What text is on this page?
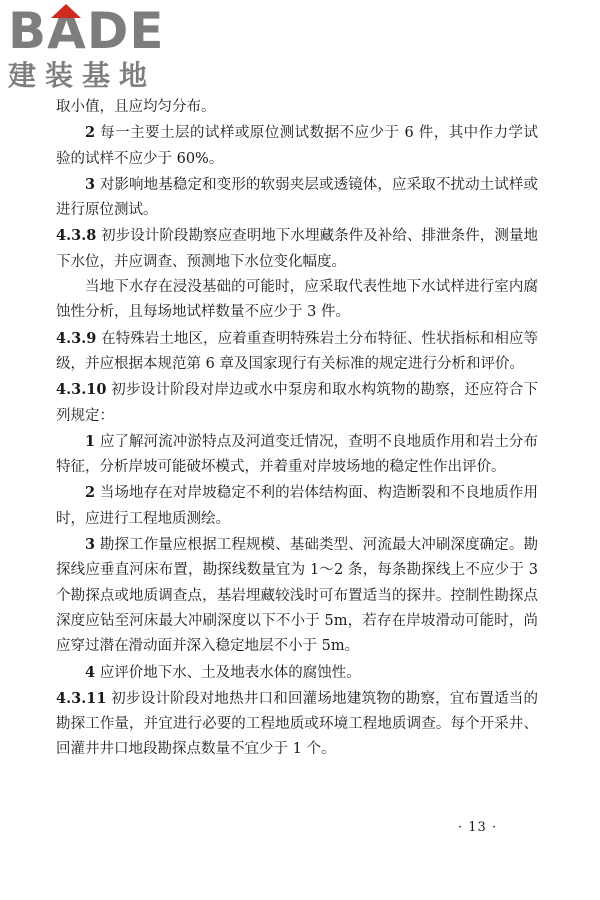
BA
DE
建装基地

取小值，且应均匀分布。

2 每一主要土层的试样或原位测试数据不应少于 6 件，其中作力学试验的试样不应少于 60%。

3 对影响地基稳定和变形的软弱夹层或透镜体，应采取不扰动土试样或进行原位测试。

4.3.8 初步设计阶段勘察应查明地下水埋藏条件及补给、排泄条件，测量地下水位，并应调查、预测地下水位变化幅度。

当地下水存在浸没基础的可能时，应采取代表性地下水试样进行室内腐蚀性分析，且每场地试样数量不应少于 3 件。

4.3.9 在特殊岩土地区，应着重查明特殊岩土分布特征、性状指标和相应等级，并应根据本规范第 6 章及国家现行有关标准的规定进行分析和评价。

4.3.10 初步设计阶段对岸边或水中泵房和取水构筑物的勘察，还应符合下列规定：

1 应了解河流冲淤特点及河道变迁情况，查明不良地质作用和岩土分布特征，分析岸坡可能破坏模式，并着重对岸坡场地的稳定性作出评价。

2 当场地存在对岸坡稳定不利的岩体结构面、构造断裂和不良地质作用时，应进行工程地质测绘。

3 勘探工作量应根据工程规模、基础类型、河流最大冲刷深度确定。勘探线应垂直河床布置，勘探线数量宜为 1～2 条，每条勘探线上不应少于 3 个勘探点或地质调查点，基岩埋藏较浅时可布置适当的探井。控制性勘探点深度应钻至河床最大冲刷深度以下不小于 5m，若存在岸坡滑动可能时，尚应穿过潜在滑动面并深入稳定地层不小于 5m。

4 应评价地下水、土及地表水体的腐蚀性。

4.3.11 初步设计阶段对地热井口和回灌场地建筑物的勘察，宜布置适当的勘探工作量，并宜进行必要的工程地质或环境工程地质调查。每个开采井、回灌井井口地段勘探点数量不宜少于 1 个。

· 13 ·
